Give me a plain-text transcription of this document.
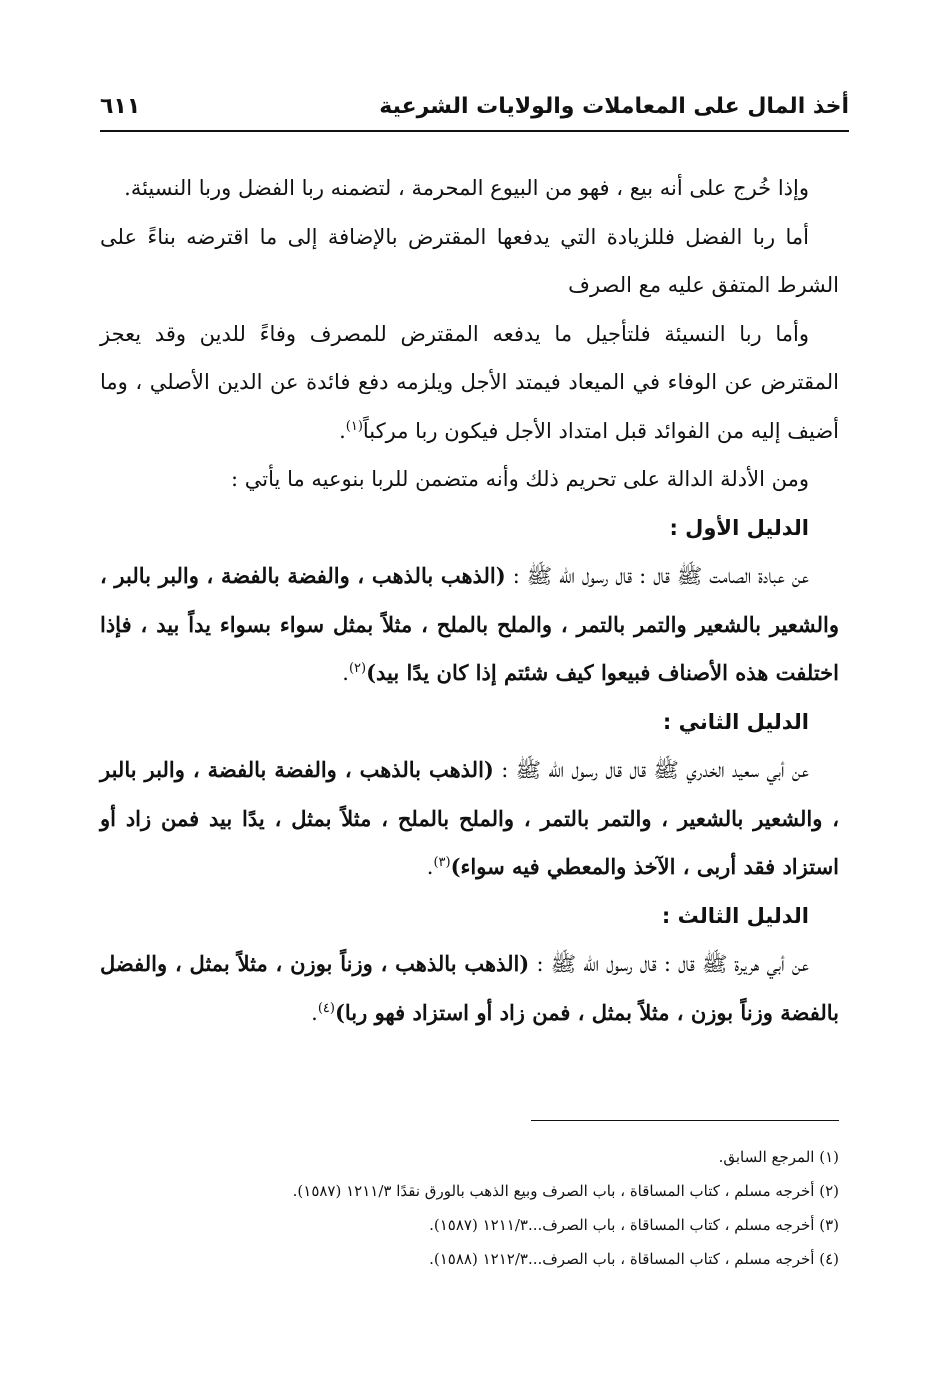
أخذ المال على المعاملات والولايات الشرعية
٦١١

وإذا خُرج على أنه بيع ، فهو من البيوع المحرمة ، لتضمنه ربا الفضل وربا النسيئة.

أما ربا الفضل فللزيادة التي يدفعها المقترض بالإضافة إلى ما اقترضه بناءً على الشرط المتفق عليه مع الصرف

وأما ربا النسيئة فلتأجيل ما يدفعه المقترض للمصرف وفاءً للدين وقد يعجز المقترض عن الوفاء في الميعاد فيمتد الأجل ويلزمه دفع فائدة عن الدين الأصلي ، وما أضيف إليه من الفوائد قبل امتداد الأجل فيكون ربا مركباً$^{(١)}$.

ومن الأدلة الدالة على تحريم ذلك وأنه متضمن للربا بنوعيه ما يأتي :

الدليل الأول :

عن عبادة الصامت ﷺ قال : قال رسول الله ﷺ : (الذهب بالذهب ، والفضة بالفضة ، والبر بالبر ، والشعير بالشعير والتمر بالتمر ، والملح بالملح ، مثلاً بمثل سواء بسواء يداً بيد ، فإذا اختلفت هذه الأصناف فبيعوا كيف شئتم إذا كان يدًا بيد)$^{(٢)}$.

الدليل الثاني :

عن أبي سعيد الخدري ﷺ قال قال رسول الله ﷺ : (الذهب بالذهب ، والفضة بالفضة ، والبر بالبر ، والشعير بالشعير ، والتمر بالتمر ، والملح بالملح ، مثلاً بمثل ، يدًا بيد فمن زاد أو استزاد فقد أربى ، الآخذ والمعطي فيه سواء)$^{(٣)}$.

الدليل الثالث :

عن أبي هريرة ﷺ قال : قال رسول الله ﷺ : (الذهب بالذهب ، وزناً بوزن ، مثلاً بمثل ، والفضل بالفضة وزناً بوزن ، مثلاً بمثل ، فمن زاد أو استزاد فهو ربا)$^{(٤)}$.

(١) المرجع السابق.

(٢) أخرجه مسلم ، كتاب المساقاة ، باب الصرف وبيع الذهب بالورق نقدًا ١٢١١/٣ (١٥٨٧).

(٣) أخرجه مسلم ، كتاب المساقاة ، باب الصرف...١٢١١/٣ (١٥٨٧).

(٤) أخرجه مسلم ، كتاب المساقاة ، باب الصرف...١٢١٢/٣ (١٥٨٨).
